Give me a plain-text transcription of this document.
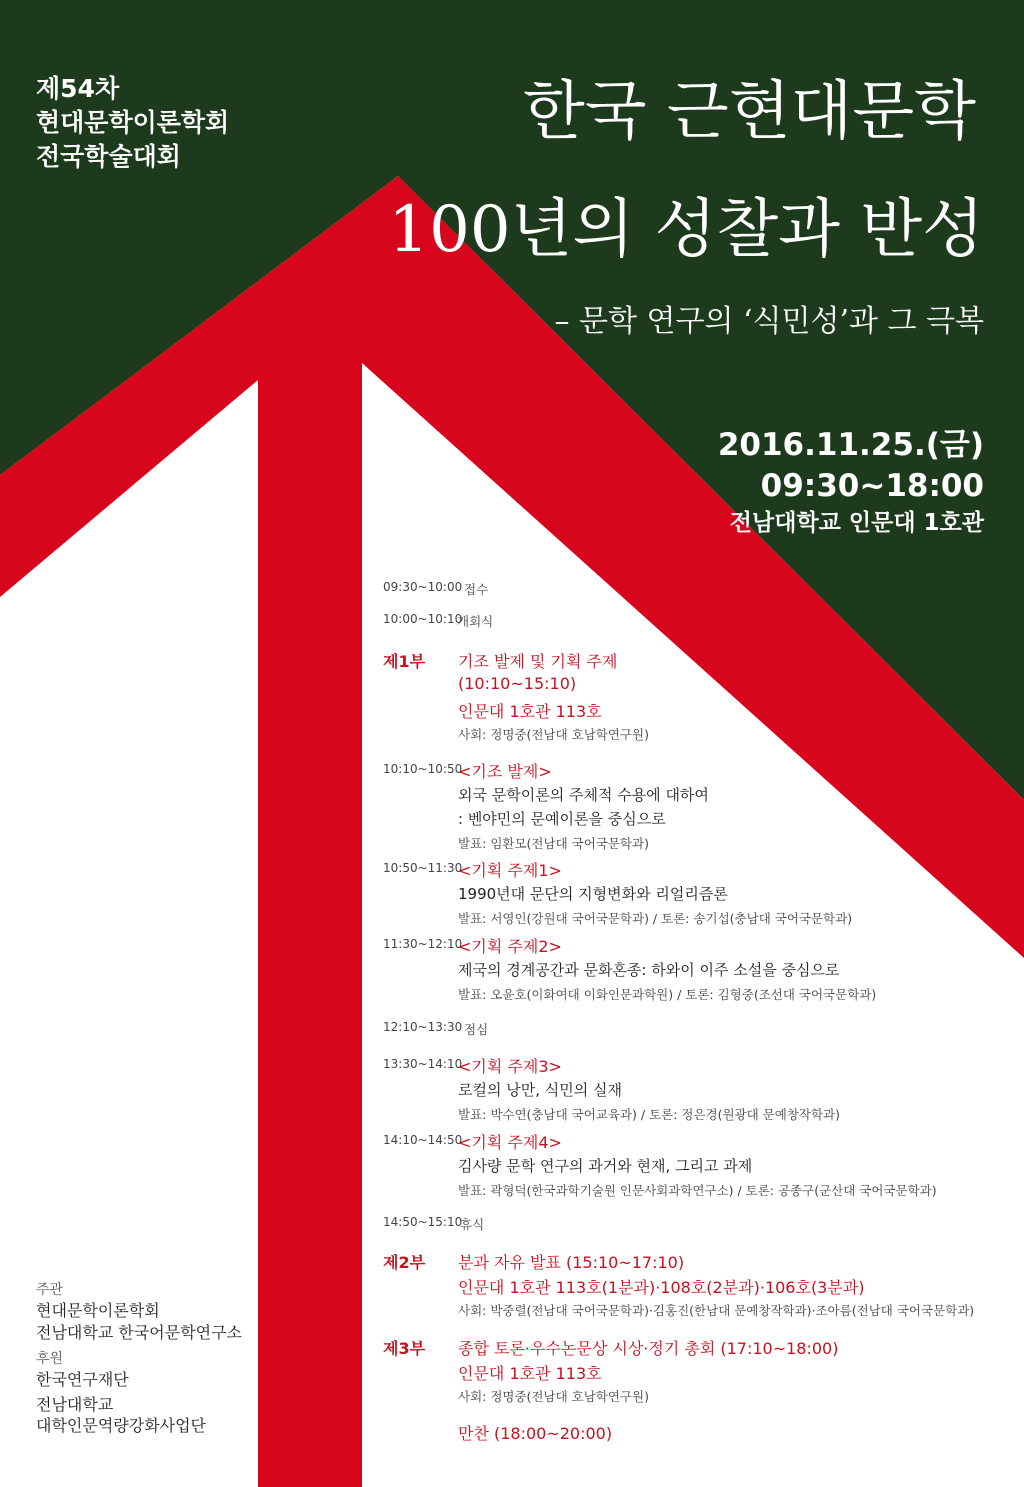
제54차
현대문학이론학회
전국학술대회
한국 근현대문학
100년의 성찰과 반성
– 문학 연구의 ‘식민성’과 그 극복
2016.11.25.(금)
09:30~18:00
전남대학교 인문대 1호관
09:30~10:00 접수
10:00~10:10
개회식
제1부 기조 발제 및 기획 주제
(10:10~15:10)
인문대 1호관 113호
사회: 정명중(전남대 호남학연구원)
10:10~10:50
<기조 발제>
외국 문학이론의 주체적 수용에 대하여
: 벤야민의 문예이론을 중심으로
발표: 임환모(전남대 국어국문학과)
10:50~11:30
<기획 주제1>
1990년대 문단의 지형변화와 리얼리즘론
발표: 서영인(강원대 국어국문학과) / 토론: 송기섭(충남대 국어국문학과)
11:30~12:10
<기획 주제2>
제국의 경계공간과 문화혼종: 하와이 이주 소설을 중심으로
발표: 오윤호(이화여대 이화인문과학원) / 토론: 김형중(조선대 국어국문학과)
12:10~13:30 점심
13:30~14:10
<기획 주제3>
로컬의 낭만, 식민의 실재
발표: 박수연(충남대 국어교육과) / 토론: 정은경(원광대 문예창작학과)
14:10~14:50
<기획 주제4>
김사량 문학 연구의 과거와 현재, 그리고 과제
발표: 곽형덕(한국과학기술원 인문사회과학연구소) / 토론: 공종구(군산대 국어국문학과)
14:50~15:10
휴식
제2부 분과 자유 발표 (15:10~17:10)
인문대 1호관 113호(1분과)·108호(2분과)·106호(3분과)
사회: 박중렬(전남대 국어국문학과)·김홍진(한남대 문예창작학과)·조아름(전남대 국어국문학과)
제3부 종합 토론·우수논문상 시상·정기 총회 (17:10~18:00)
인문대 1호관 113호
사회: 정명중(전남대 호남학연구원)
만찬 (18:00~20:00)
주관
현대문학이론학회
전남대학교 한국어문학연구소
후원
한국연구재단
전남대학교
대학인문역량강화사업단
